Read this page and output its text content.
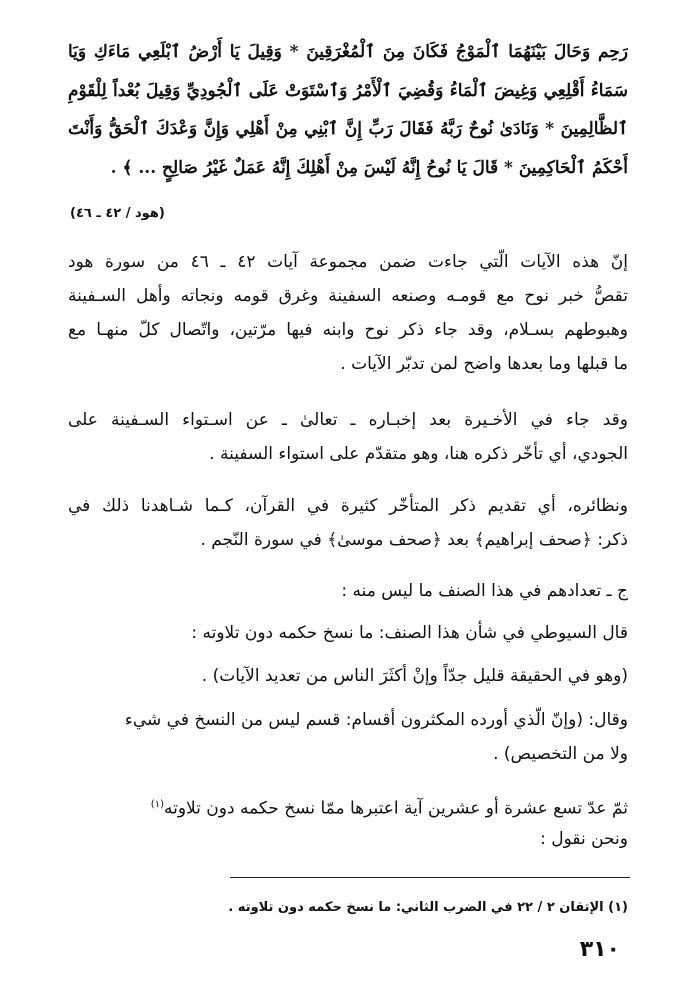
رَحِم وَحَالَ بَيْنَهُمَا ٱلْمَوْجُ فَكَانَ مِنَ ٱلْمُغْرَقِينَ * وَقِيلَ يَا أَرْضُ ٱبْلَعِي مَاءَكِ وَيَا
سَمَاءُ أَقْلِعِي وَغِيضَ ٱلْمَاءُ وَقُضِيَ ٱلْأَمْرُ وَٱسْتَوَتْ عَلَى ٱلْجُودِيِّ وَقِيلَ بُعْداً لِلْقَوْمِ
ٱلظَّالِمِينَ * وَنَادَىٰ نُوحٌ رَبَّهُ فَقَالَ رَبِّ إِنَّ ٱبْنِي مِنْ أَهْلِي وَإِنَّ وَعْدَكَ ٱلْحَقُّ وَأَنْتَ
أَحْكَمُ ٱلْحَاكِمِينَ * قَالَ يَا نُوحُ إِنَّهُ لَيْسَ مِنْ أَهْلِكَ إِنَّهُ عَمَلٌ غَيْرُ صَالِحٍ ... ﴾ .
(هود / ٤٢ ـ ٤٦)
إنّ هذه الآيات الّتي جاءت ضمن مجموعة آيات ٤٢ ـ ٤٦ من سورة هود
تقصُّ خبر نوح مع قومـه وصنعه السفينة وغرق قومه ونجاته وأهل السـفينة
وهبوطهم بسـلام، وقد جاء ذكر نوح وابنه فيها مرّتين، واتّصال كلّ منهـا مع
ما قبلها وما بعدها واضح لمن تدبّر الآيات .
وقد جاء في الأخـيرة بعد إخبـاره ـ تعالىٰ ـ عن اسـتواء السـفينة على
الجودي، أي تأخّر ذكره هنا، وهو متقدّم على استواء السفينة .
ونظائره، أي تقديم ذكر المتأخّر كثيرة في القرآن، كـما شـاهدنا ذلك في
ذكر: ﴿صحف إبراهيم﴾ بعد ﴿صحف موسىٰ﴾ في سورة النّجم .
ج ـ تعدادهم في هذا الصنف ما ليس منه :
قال السيوطي في شأن هذا الصنف: ما نسخ حكمه دون تلاوته :
(وهو في الحقيقة قليل جدّاً وإنْ أكثَرَ الناس من تعديد الآيات) .
وقال: (وإنّ الّذي أورده المكثرون أقسام: قسم ليس من النسخ في شيء
ولا من التخصيص) .
ثمّ عدّ تسع عشرة أو عشرين آية اعتبرها ممّا نسخ حكمه دون تلاوته$^{(١)}$
ونحن نقول :
(١) الإتقان ٢ / ٢٢ في الضرب الثاني: ما نسخ حكمه دون تلاوته .
٣١٠
